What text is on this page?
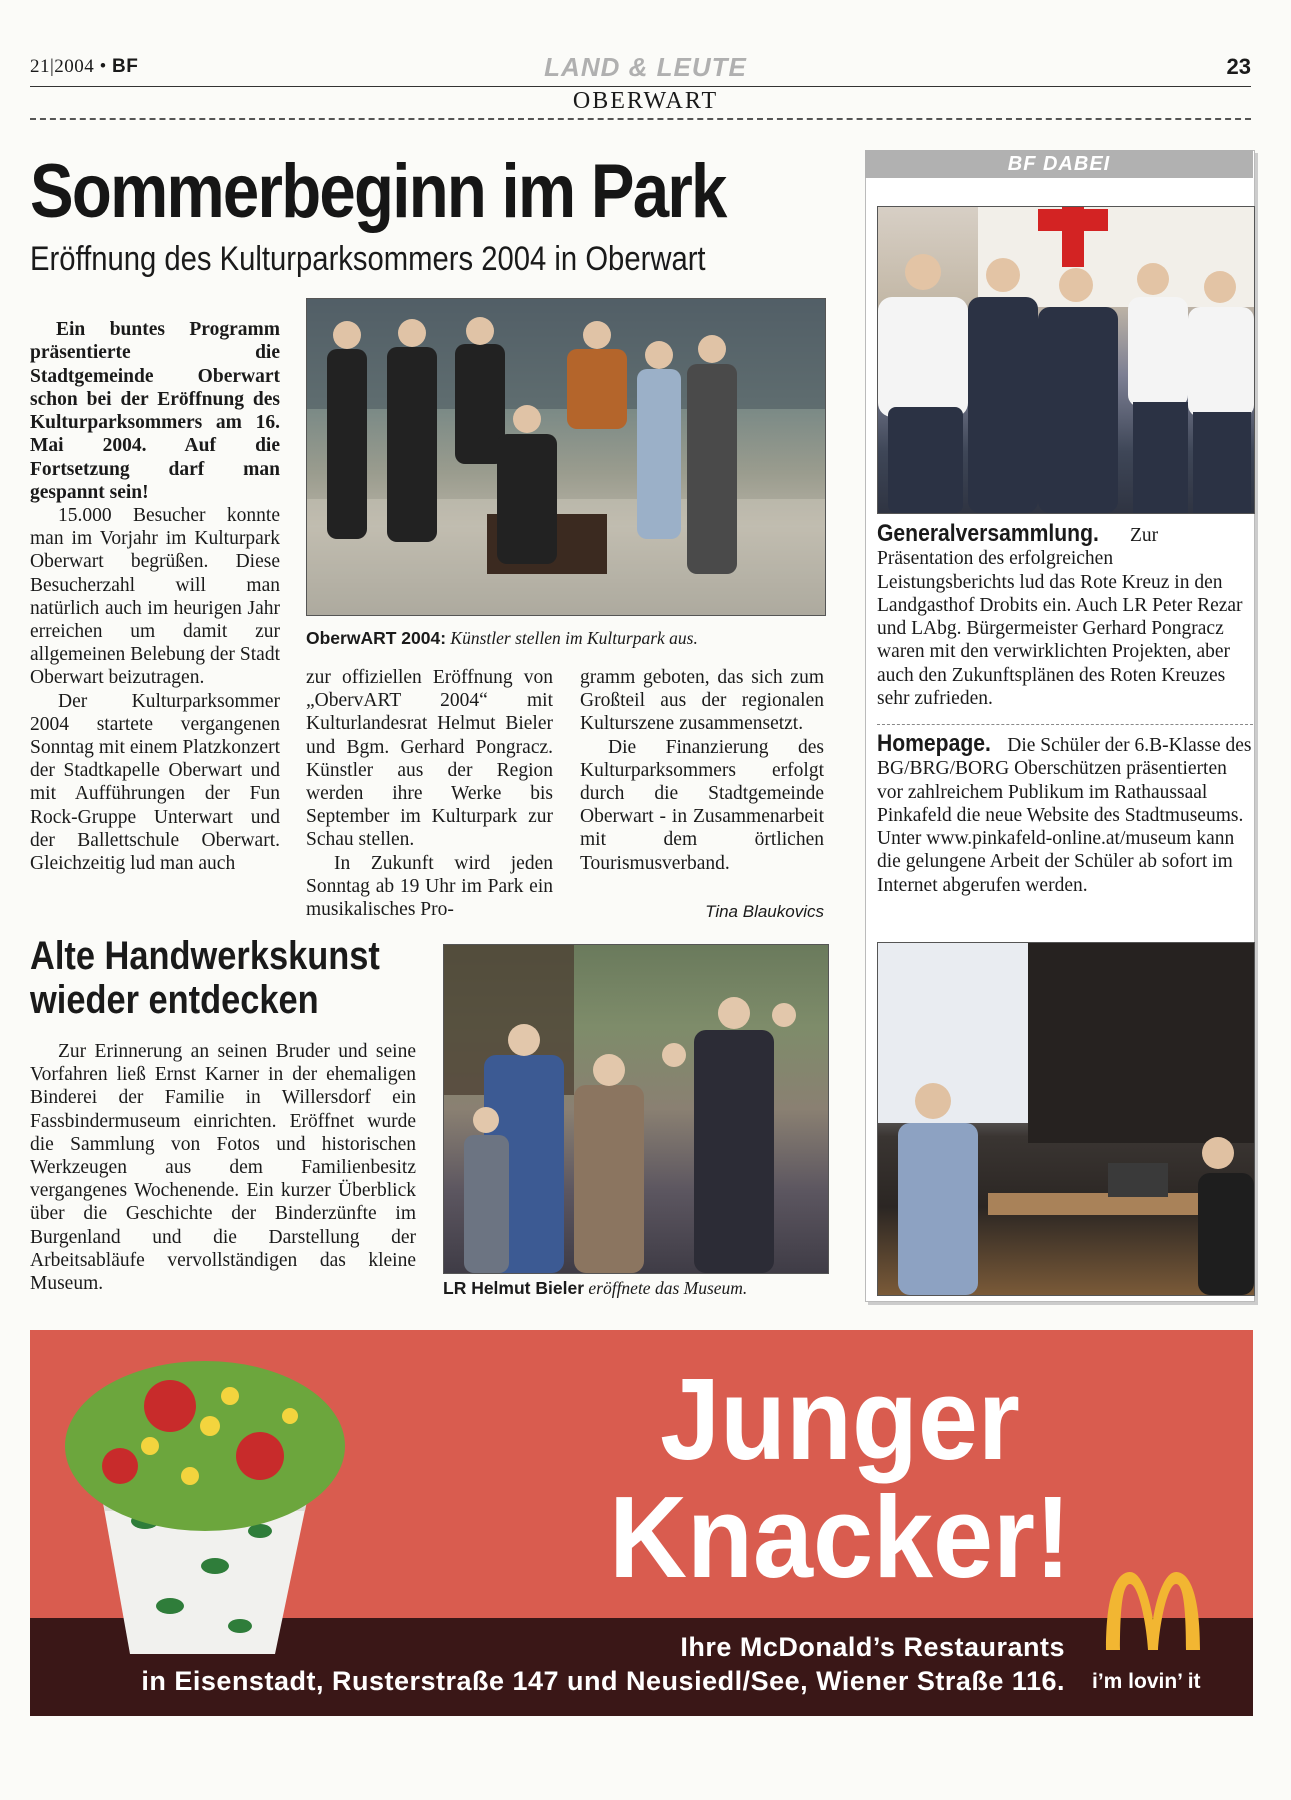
21|2004 • BF	LAND & LEUTE	23
OBERWART
Sommerbeginn im Park
Eröffnung des Kulturparksommers 2004 in Oberwart
Ein buntes Programm präsentierte die Stadtgemeinde Oberwart schon bei der Eröffnung des Kulturparksommers am 16. Mai 2004. Auf die Fortsetzung darf man gespannt sein!

15.000 Besucher konnte man im Vorjahr im Kulturpark Oberwart begrüßen. Diese Besucherzahl will man natürlich auch im heurigen Jahr erreichen um damit zur allgemeinen Belebung der Stadt Oberwart beizutragen.

Der Kulturparksommer 2004 startete vergangenen Sonntag mit einem Platzkonzert der Stadtkapelle Oberwart und mit Aufführungen der Fun Rock-Gruppe Unterwart und der Ballettschule Oberwart. Gleichzeitig lud man auch

OberwART 2004: Künstler stellen im Kulturpark aus.

zur offiziellen Eröffnung von „ObervART 2004“ mit Kulturlandesrat Helmut Bieler und Bgm. Gerhard Pongracz. Künstler aus der Region werden ihre Werke bis September im Kulturpark zur Schau stellen.

In Zukunft wird jeden Sonntag ab 19 Uhr im Park ein musikalisches Pro-

gramm geboten, das sich zum Großteil aus der regionalen Kulturszene zusammensetzt.

Die Finanzierung des Kulturparksommers erfolgt durch die Stadtgemeinde Oberwart - in Zusammenarbeit mit dem örtlichen Tourismusverband.

Tina Blaukovics
Alte Handwerkskunst
wieder entdecken

Zur Erinnerung an seinen Bruder und seine Vorfahren ließ Ernst Karner in der ehemaligen Binderei der Familie in Willersdorf ein Fassbindermuseum einrichten. Eröffnet wurde die Sammlung von Fotos und historischen Werkzeugen aus dem Familienbesitz vergangenes Wochenende. Ein kurzer Überblick über die Geschichte der Binderzünfte im Burgenland und die Darstellung der Arbeitsabläufe vervollständigen das kleine Museum.	LR Helmut Bieler eröffnete das Museum.
BF DABEI
Generalversammlung. Zur Präsentation des erfolgreichen Leistungsberichts lud das Rote Kreuz in den Landgasthof Drobits ein. Auch LR Peter Rezar und LAbg. Bürgermeister Gerhard Pongracz waren mit den verwirklichten Projekten, aber auch den Zukunftsplänen des Roten Kreuzes sehr zufrieden.
Homepage. Die Schüler der 6.B-Klasse des BG/BRG/BORG Oberschützen präsentierten vor zahlreichem Publikum im Rathaussaal Pinkafeld die neue Website des Stadtmuseums. Unter www.pinkafeld-online.at/museum kann die gelungene Arbeit der Schüler ab sofort im Internet abgerufen werden.
Junger
Knacker!
Ihre McDonald’s Restaurants
in Eisenstadt, Rusterstraße 147 und Neusiedl/See, Wiener Straße 116. i’m lovin’ it
